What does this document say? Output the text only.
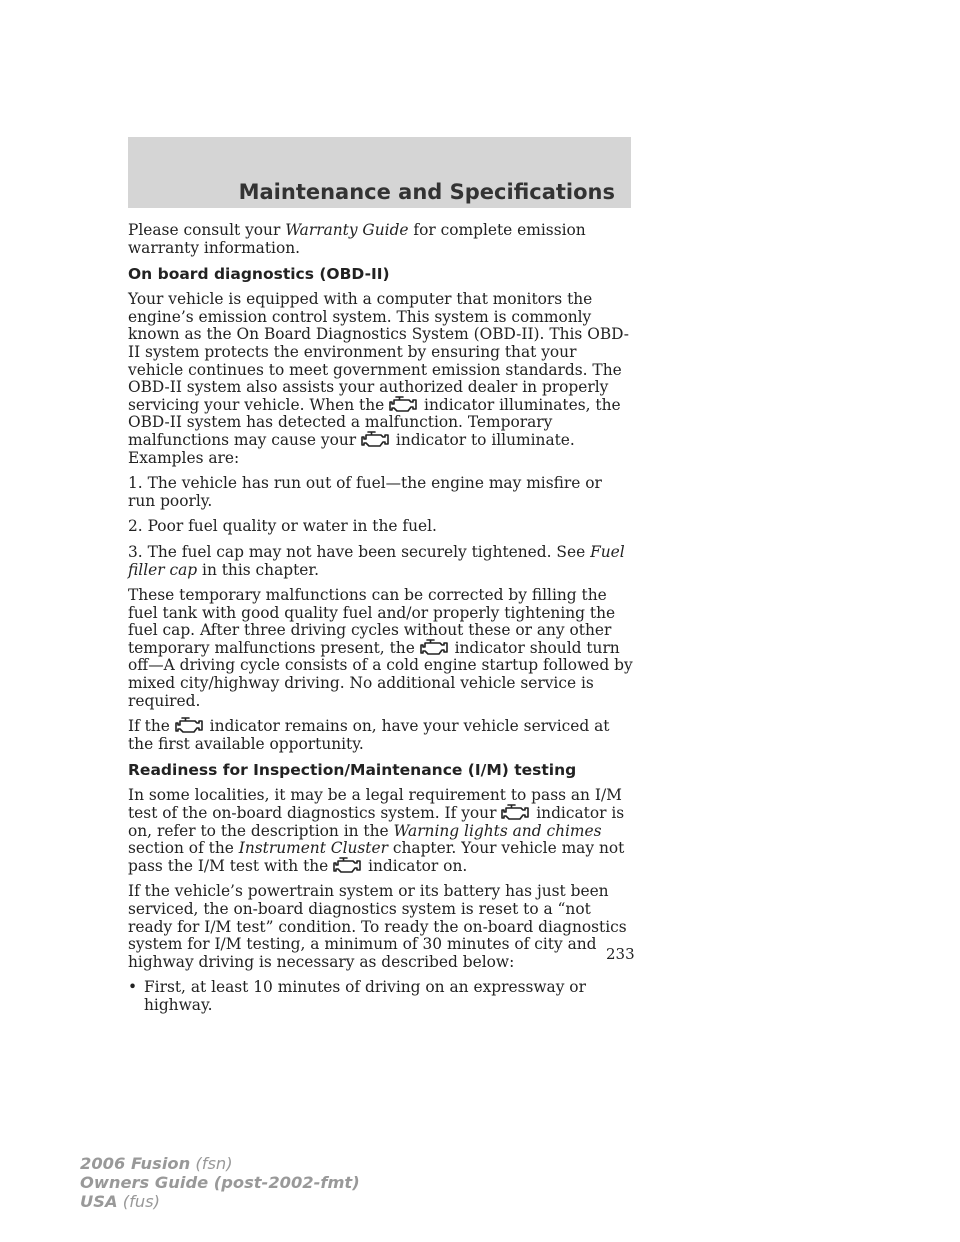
Maintenance and Specifications

Please consult your Warranty Guide for complete emission warranty information.

On board diagnostics (OBD-II)

Your vehicle is equipped with a computer that monitors the engine’s emission control system. This system is commonly known as the On Board Diagnostics System (OBD-II). This OBD-II system protects the environment by ensuring that your vehicle continues to meet government emission standards. The OBD-II system also assists your authorized dealer in properly servicing your vehicle. When the
indicator illuminates, the OBD-II system has detected a malfunction. Temporary malfunctions may cause your
indicator to illuminate. Examples are:

1. The vehicle has run out of fuel—the engine may misfire or run poorly.

2. Poor fuel quality or water in the fuel.

3. The fuel cap may not have been securely tightened. See Fuel filler cap in this chapter.

These temporary malfunctions can be corrected by filling the fuel tank with good quality fuel and/or properly tightening the fuel cap. After three driving cycles without these or any other temporary malfunctions present, the
indicator should turn off—A driving cycle consists of a cold engine startup followed by mixed city/highway driving. No additional vehicle service is required.

If the
indicator remains on, have your vehicle serviced at the first available opportunity.

Readiness for Inspection/Maintenance (I/M) testing

In some localities, it may be a legal requirement to pass an I/M test of the on-board diagnostics system. If your
indicator is on, refer to the description in the Warning lights and chimes section of the Instrument Cluster chapter. Your vehicle may not pass the I/M test with the
indicator on.

If the vehicle’s powertrain system or its battery has just been serviced, the on-board diagnostics system is reset to a “not ready for I/M test” condition. To ready the on-board diagnostics system for I/M testing, a minimum of 30 minutes of city and highway driving is necessary as described below:

• First, at least 10 minutes of driving on an expressway or highway.
233
2006 Fusion (fsn)
Owners Guide (post-2002-fmt)
USA (fus)
